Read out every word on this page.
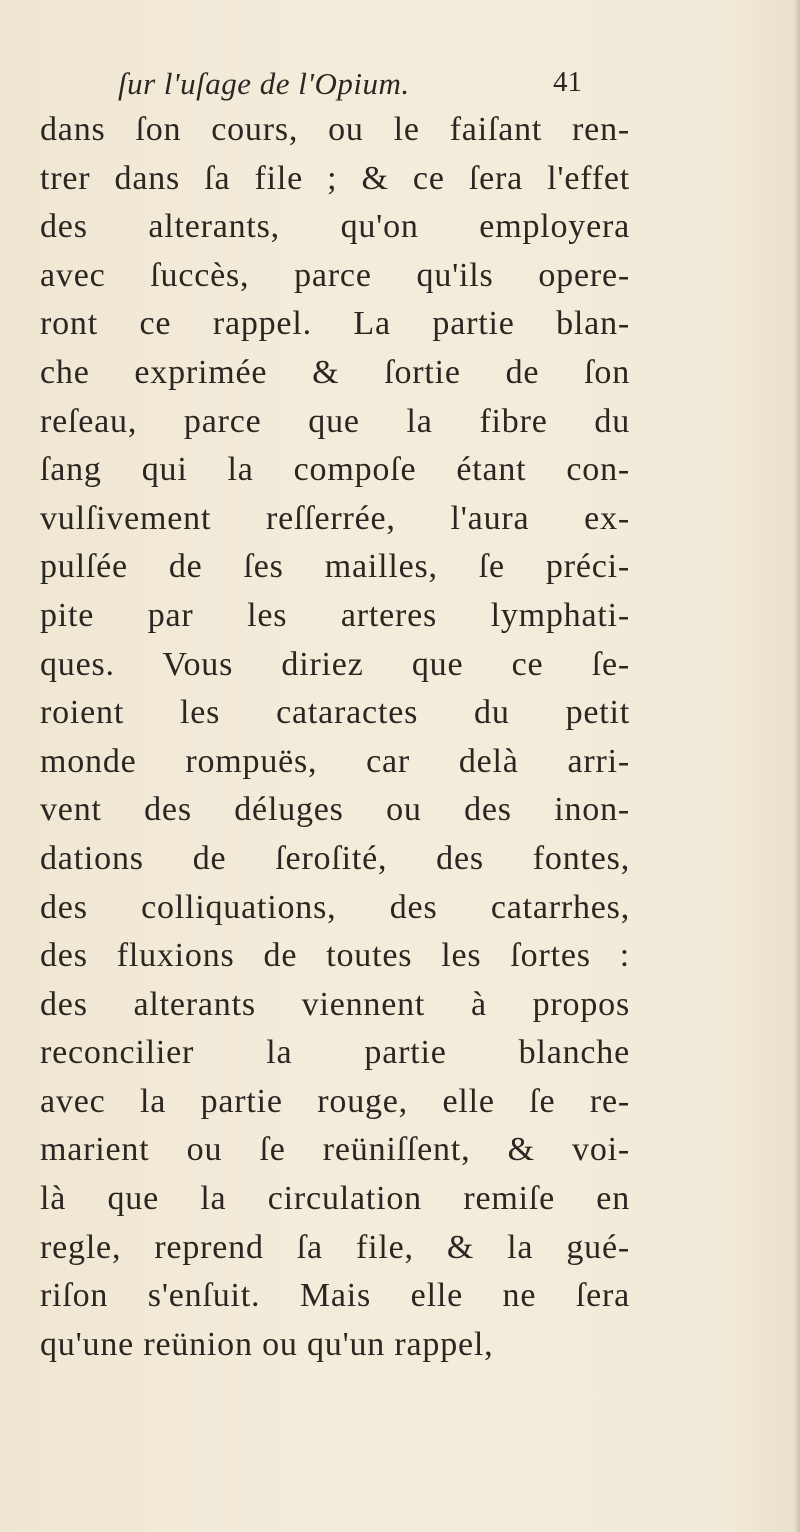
ſur l'uſage de l'Opium.	41
dans ſon cours, ou le faiſant ren-
trer dans ſa file ; & ce ſera l'effet
des alterants, qu'on employera
avec ſuccès, parce qu'ils opere-
ront ce rappel. La partie blan-
che exprimée & ſortie de ſon
reſeau, parce que la fibre du
ſang qui la compoſe étant con-
vulſivement reſſerrée, l'aura ex-
pulſée de ſes mailles, ſe préci-
pite par les arteres lymphati-
ques. Vous diriez que ce ſe-
roient les cataractes du petit
monde rompuës, car delà arri-
vent des déluges ou des inon-
dations de ſeroſité, des fontes,
des colliquations, des catarrhes,
des fluxions de toutes les ſortes :
des alterants viennent à propos
reconcilier la partie blanche
avec la partie rouge, elle ſe re-
marient ou ſe reüniſſent, & voi-
là que la circulation remiſe en
regle, reprend ſa file, & la gué-
riſon s'enſuit. Mais elle ne ſera
qu'une reünion ou qu'un rappel,
